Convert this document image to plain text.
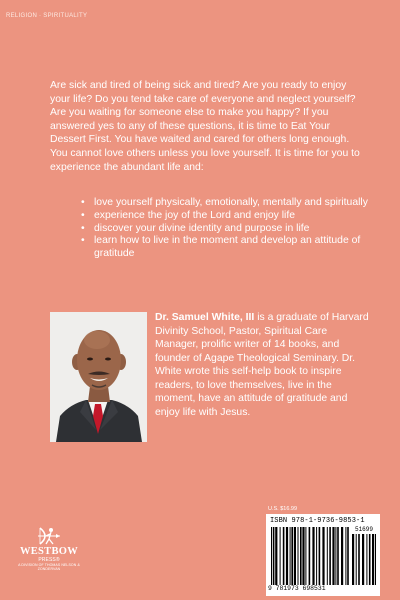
RELIGION · SPIRITUALITY

Are sick and tired of being sick and tired? Are you ready to enjoy your life? Do you tend take care of everyone and neglect yourself? Are you waiting for someone else to make you happy? If you answered yes to any of these questions, it is time to Eat Your Dessert First. You have waited and cared for others long enough. You cannot love others unless you love yourself. It is time for you to experience the abundant life and:

• love yourself physically, emotionally, mentally and spiritually
• experience the joy of the Lord and enjoy life
• discover your divine identity and purpose in life
• learn how to live in the moment and develop an attitude of gratitude

Dr. Samuel White, III is a graduate of Harvard Divinity School, Pastor, Spiritual Care Manager, prolific writer of 14 books, and founder of Agape Theological Seminary. Dr. White wrote this self-help book to inspire readers, to love themselves, live in the moment, have an attitude of gratitude and enjoy life with Jesus.

WESTBOW
PRESS®
A DIVISION OF THOMAS NELSON & ZONDERVAN
U.S. $16.99
ISBN 978-1-9736-9853-1
51699
9 781973 698531
